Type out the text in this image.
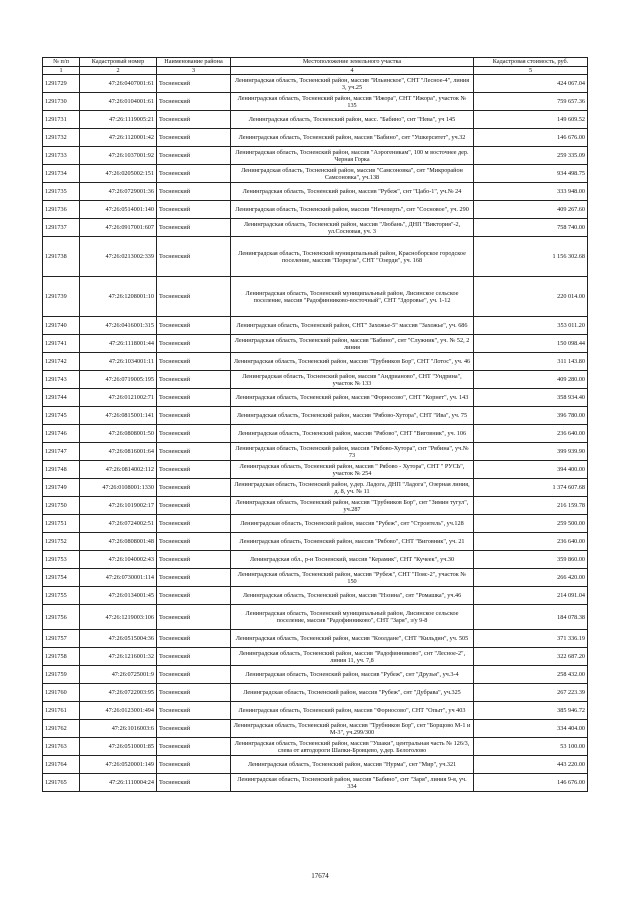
№ п/п	Кадастровый номер	Наименование района	Местоположение земельного участка	Кадастровая стоимость, руб.
1	2	3	4	5
1291729	47:26:0407001:61	Тосненский	Ленинградская область, Тосненский район, массив "Ильинское", СНТ "Лесное-4", линия 3, уч.25	424 067.04
1291730	47:26:0104001:61	Тосненский	Ленинградская область, Тосненский район, массив "Ижора", СНТ "Ижора", участок № 135	759 657.36
1291731	47:26:1119005:21	Тосненский	Ленинградская область, Тосненский район, масс. "Бабино", снт "Нева", уч 145	149 609.52
1291732	47:26:1120001:42	Тосненский	Ленинградская область, Тосненский район, массив "Бабино", снт "Ушкерситет", уч.32	146 676.00
1291733	47:26:1037001:92	Тосненский	Ленинградская область, Тосненский район, массив "Аэрогеникам", 100 м восточнее дер. Черная Горка	259 335.09
1291734	47:26:0205002:151	Тосненский	Ленинградская область, Тосненский район, массив "Самсоновка", снт "Микрорайон Самсоновка", уч.138	934 498.75
1291735	47:26:0729001:36	Тосненский	Ленинградская область, Тосненский район, массив "Рубеж", снт "Цабо-1", уч.№ 24	333 948.00
1291736	47:26:0514001:140	Тосненский	Ленинградская область, Тосненский район, массив "Нечеперть", снт "Сосновое", уч. 290	409 267.60
1291737	47:26:0917001:607	Тосненский	Ленинградская область, Тосненский район, массив "Любань", ДНП "Виктория"-2, ул.Сосновая, уч. 3	758 740.00
1291738	47:26:0213002:339	Тосненский	Ленинградская область, Тосненский муниципальный район, Красноборское городское поселение, массив "Поркуза", СНТ "Озерди", уч. 168	1 156 302.68
1291739	47:26:1208001:10	Тосненский	Ленинградская область, Тосненский муниципальный район, Лисинское сельское поселение, массив "Радофинниково-восточный", СНТ "Здоровье", уч. 1-12	220 014.00
1291740	47:26:0416001:315	Тосненский	Ленинградская область, Тосненский район, СНТ" Захожье-5" массив "Захожье", уч. 686	353 011.20
1291741	47:26:1118001:44	Тосненский	Ленинградская область, Тосненский район, массив "Бабино", снт "Служник", уч. № 52, 2 линия	150 098.44
1291742	47:26:1034001:11	Тосненский	Ленинградская область, Тосненский район, массив "Трубников Бор", СНТ "Лотос", уч. 46	311 143.80
1291743	47:26:0719005:195	Тосненский	Ленинградская область, Тосненский район, массив "Андрианово", СНТ "Ундрина", участок № 133	409 280.00
1291744	47:26:0121002:71	Тосненский	Ленинградская область, Тосненский район, массив "Форносово", СНТ "Корнет", уч. 143	358 934.40
1291745	47:26:0815001:141	Тосненский	Ленинградская область, Тосненский район, массив "Рябово-Хутора", СНТ "Ива", уч. 75	396 780.00
1291746	47:26:0808001:50	Тосненский	Ленинградская область, Тосненский район, массив "Рябово", СНТ "Виговник", уч. 106	236 640.00
1291747	47:26:0816001:64	Тосненский	Ленинградская область, Тосненский район, массив "Рябово-Хутора", снт "Рябина", уч.№ 73	399 939.90
1291748	47:26:0814002:112	Тосненский	Ленинградская область, Тосненский район, массив " Рябово - Хутора", СНТ " РУСЬ", участок № 254	394 400.00
1291749	47:26:0108001:1330	Тосненский	Ленинградская область, Тосненский район, у.дер. Ладога, ДНП "Ладога", Озерная линия, д. 8, уч. № 11	1 374 607.68
1291750	47:26:1019002:17	Тосненский	Ленинградская область, Тосненский район, массив "Трубников Бор", снт "Зимин тугул", уч.287	216 159.78
1291751	47:26:0724002:51	Тосненский	Ленинградская область, Тосненский район, массив "Рубеж", снт "Строитель", уч.128	259 500.00
1291752	47:26:0808001:48	Тосненский	Ленинградская область, Тосненский район, массив "Рябово", СНТ "Виговник", уч. 21	236 640.00
1291753	47:26:1040002:43	Тосненский	Ленинградская обл., р-н Тосненский, массив "Керамик", СНТ "Кучеек", уч.30	359 860.00
1291754	47:26:0730001:114	Тосненский	Ленинградская область, Тосненский район, массив "Рубеж", СНТ "Пояс-2", участок № 150	266 420.00
1291755	47:26:0134001:45	Тосненский	Ленинградская область, Тосненский район, массив "Нэзина", снт "Ромашка", уч.46	214 091.04
1291756	47:26:1219003:106	Тосненский	Ленинградская область, Тосненский муниципальный район, Лисинское сельское поселение, массив "Радофинниково", СНТ "Заря", з/у 9-8	184 078.38
1291757	47:26:0515004:36	Тосненский	Ленинградская область, Тосненский район, массив "Коолдане", СНТ "Кильдин", уч. 505	371 336.19
1291758	47:26:1216001:32	Тосненский	Ленинградская область, Тосненский район, массив "Радофинниково", снт "Лесное-2", линия 11, уч. 7,8	322 687.20
1291759	47:26:0725001:9	Тосненский	Ленинградская область, Тосненский район, массив "Рубеж", снт "Друзья", уч.3-4	258 432.00
1291760	47:26:0722003:95	Тосненский	Ленинградская область, Тосненский район, массив "Рубеж", снт "Дубрава", уч.325	267 223.39
1291761	47:26:0123001:494	Тосненский	Ленинградская область, Тосненский район, массив "Форносово", СНТ "Опыт", уч 403	385 946.72
1291762	47:26:1016003:6	Тосненский	Ленинградская область, Тосненский район, массив "Трубников Бор", снт "Борщово М-1 и М-3", уч.299/300	334 404.00
1291763	47:26:0510001:85	Тосненский	Ленинградская область, Тосненский район, массив "Ушаки", центральная часть № 126/3, слева от автодороги Шапки-Бровцево, у.дер. Белоголово	53 100.00
1291764	47:26:0520001:149	Тосненский	Ленинградская область, Тосненский район, массив "Нурма", снт "Мир", уч.321	443 220.00
1291765	47:26:1110004:24	Тосненский	Ленинградская область, Тосненский район, массив "Бабино", снт "Заря", линия 9-я, уч. 334	146 676.00
17674
